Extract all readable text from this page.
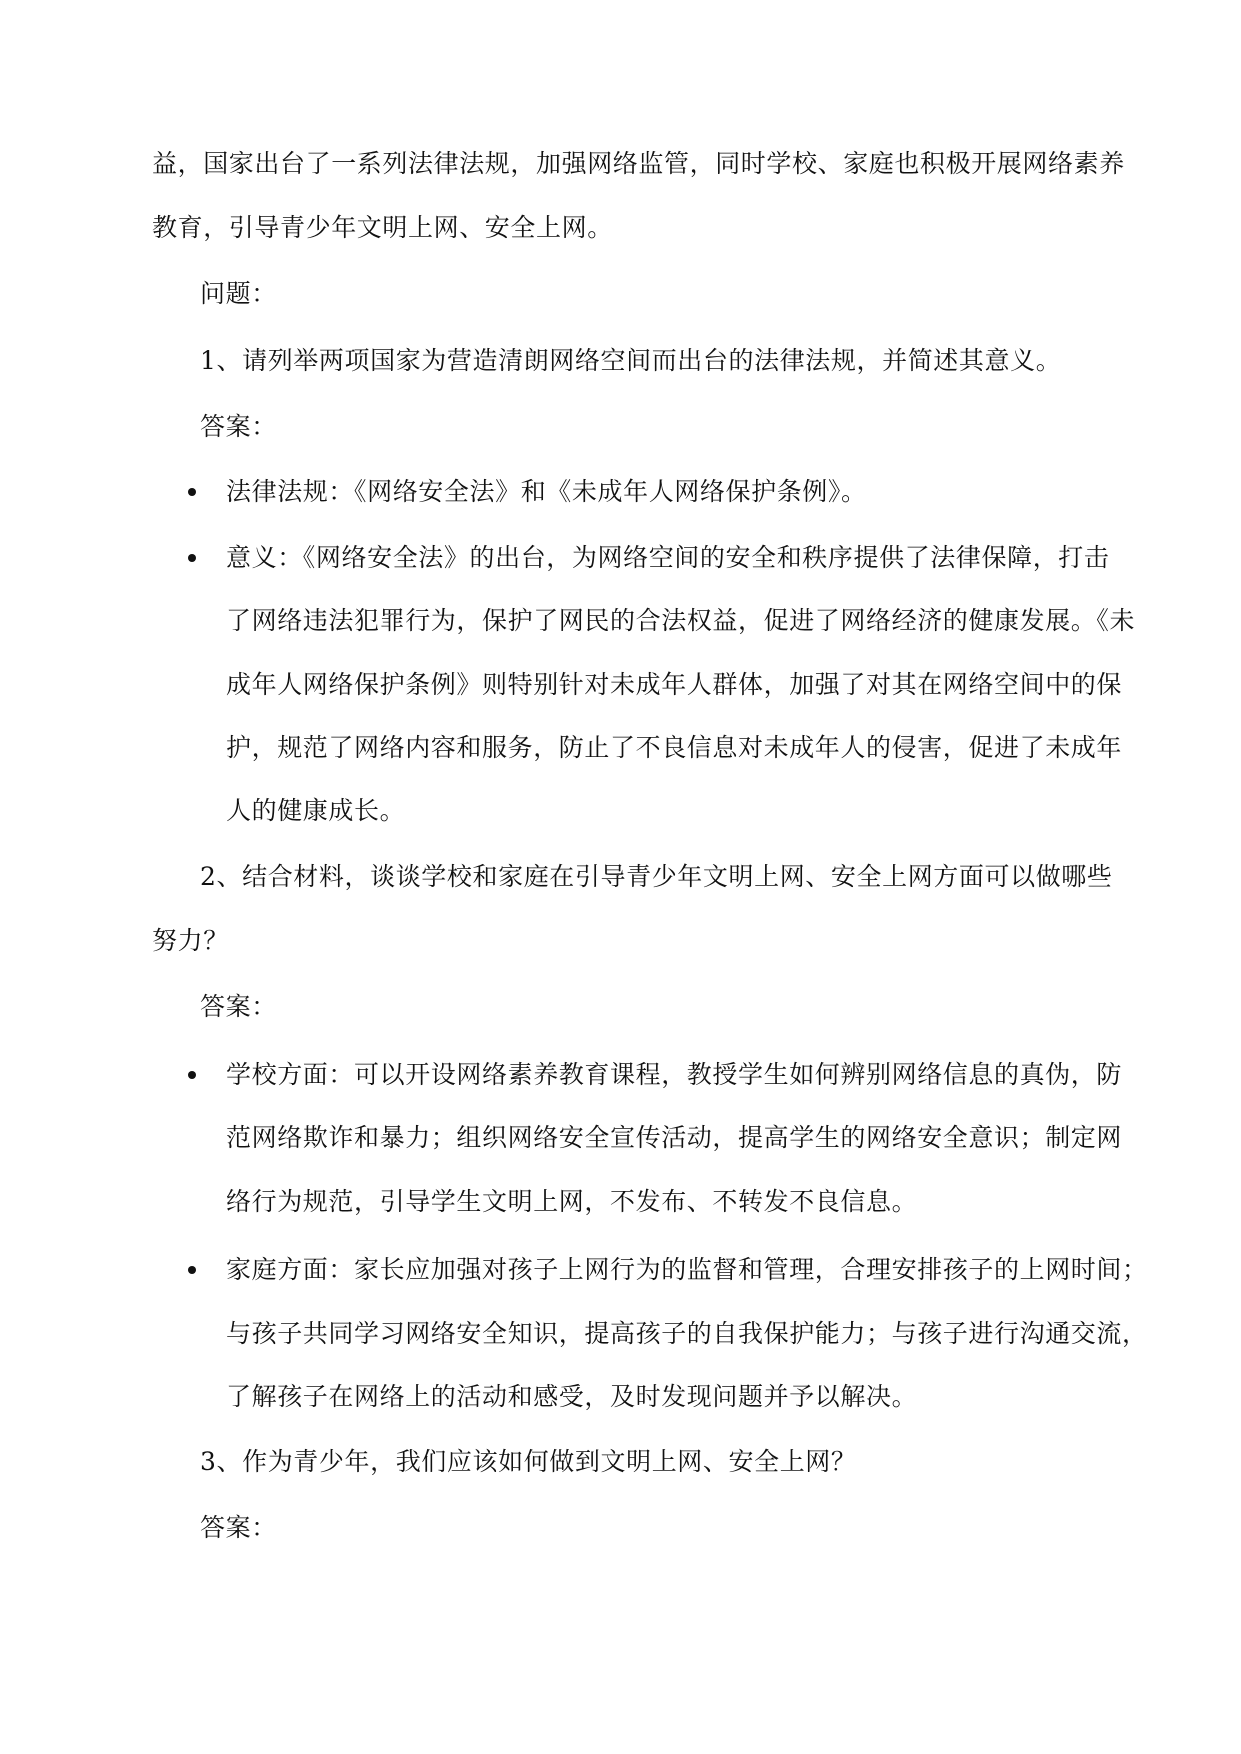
益，国家出台了一系列法律法规，加强网络监管，同时学校、家庭也积极开展网络素养
教育，引导青少年文明上网、安全上网。
问题：
1、请列举两项国家为营造清朗网络空间而出台的法律法规，并简述其意义。
答案：
法律法规：《网络安全法》和《未成年人网络保护条例》。
意义：《网络安全法》的出台，为网络空间的安全和秩序提供了法律保障，打击
了网络违法犯罪行为，保护了网民的合法权益，促进了网络经济的健康发展。《未
成年人网络保护条例》则特别针对未成年人群体，加强了对其在网络空间中的保
护，规范了网络内容和服务，防止了不良信息对未成年人的侵害，促进了未成年
人的健康成长。
2、结合材料，谈谈学校和家庭在引导青少年文明上网、安全上网方面可以做哪些
努力？
答案：
学校方面：可以开设网络素养教育课程，教授学生如何辨别网络信息的真伪，防
范网络欺诈和暴力；组织网络安全宣传活动，提高学生的网络安全意识；制定网
络行为规范，引导学生文明上网，不发布、不转发不良信息。
家庭方面：家长应加强对孩子上网行为的监督和管理，合理安排孩子的上网时间；
与孩子共同学习网络安全知识，提高孩子的自我保护能力；与孩子进行沟通交流，
了解孩子在网络上的活动和感受，及时发现问题并予以解决。
3、作为青少年，我们应该如何做到文明上网、安全上网？
答案：
